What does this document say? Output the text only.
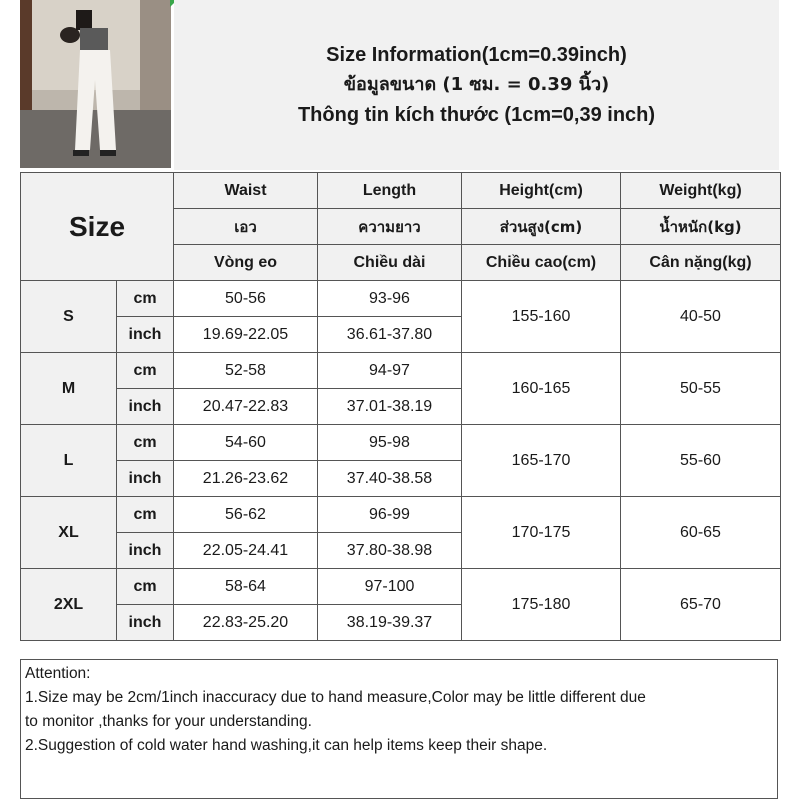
Size Information(1cm=0.39inch)
ข้อมูลขนาด (1 ซม. = 0.39 นิ้ว)
Thông tin kích thước (1cm=0,39 inch)
Size		Waist	Length	Height(cm)	Weight(kg)
		เอว	ความยาว	ส่วนสูง(cm)	น้ำหนัก(kg)
		Vòng eo	Chiều dài	Chiều cao(cm)	Cân nặng(kg)
S	cm	50-56	93-96	155-160	40-50
	inch	19.69-22.05	36.61-37.80		
M	cm	52-58	94-97	160-165	50-55
	inch	20.47-22.83	37.01-38.19		
L	cm	54-60	95-98	165-170	55-60
	inch	21.26-23.62	37.40-38.58		
XL	cm	56-62	96-99	170-175	60-65
	inch	22.05-24.41	37.80-38.98		
2XL	cm	58-64	97-100	175-180	65-70
	inch	22.83-25.20	38.19-39.37		
Attention:
1.Size may be 2cm/1inch inaccuracy due to hand measure,Color may be little different due
to monitor ,thanks for your understanding.
2.Suggestion of cold water hand washing,it can help items keep their shape.
